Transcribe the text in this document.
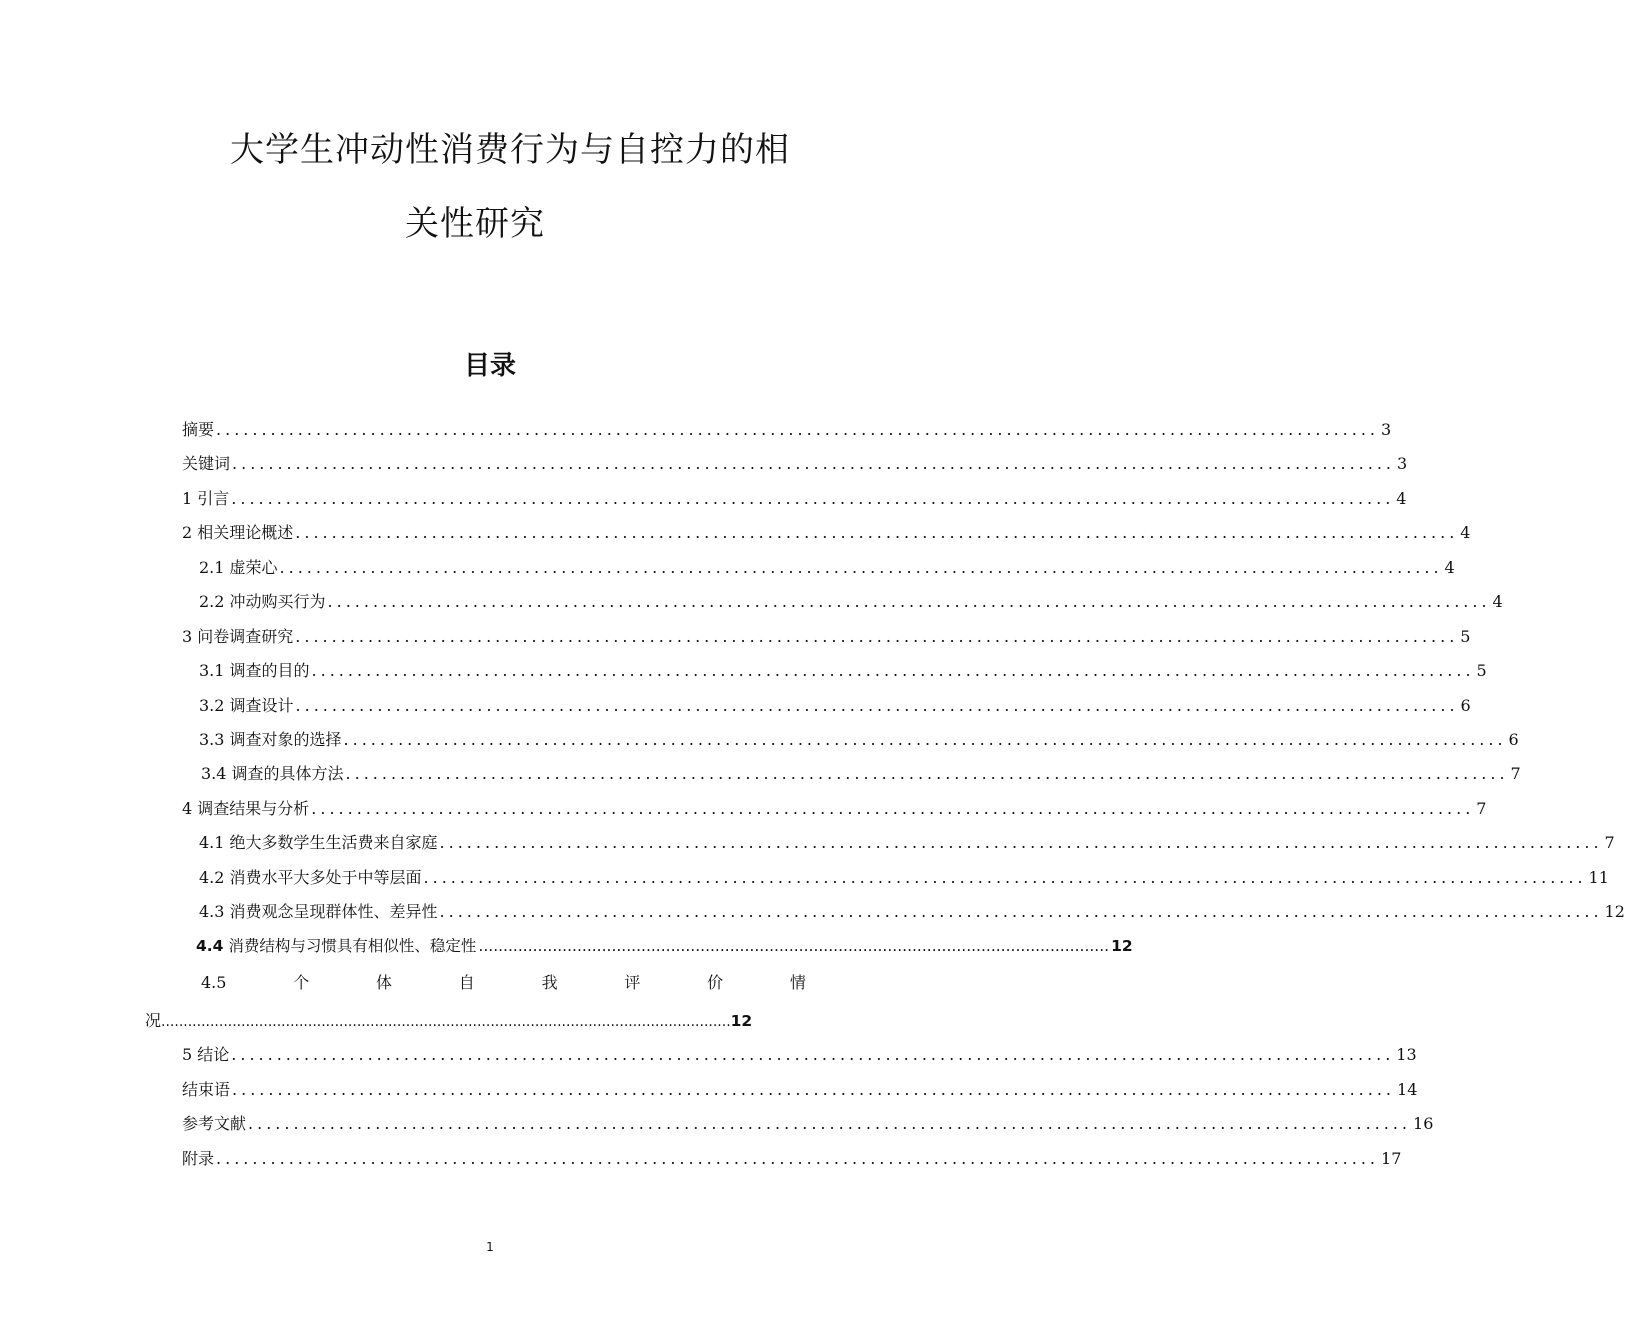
大学生冲动性消费行为与自控力的相
关性研究
目录
摘要 ................................................................................................................................ 3
关键词 ................................................................................................................................ 3
1 引言 ................................................................................................................................ 4
2 相关理论概述 ................................................................................................................................ 4
2.1 虚荣心 ................................................................................................................................ 4
2.2 冲动购买行为 ................................................................................................................................ 4
3 问卷调查研究 ................................................................................................................................ 5
3.1 调查的目的 ................................................................................................................................ 5
3.2 调查设计 ................................................................................................................................ 6
3.3 调查对象的选择 ................................................................................................................................ 6
3.4 调查的具体方法 ................................................................................................................................ 7
4 调查结果与分析 ................................................................................................................................ 7
4.1 绝大多数学生生活费来自家庭 ................................................................................................................................ 7
4.2 消费水平大多处于中等层面 ................................................................................................................................ 11
4.3 消费观念呈现群体性、差异性 ................................................................................................................................ 12
4.4 消费结构与习惯具有相似性、稳定性 ................................................................................................................................ 12
4.5	个	体	自	我	评	价	情
况 ................................................................................................................................ 12
5 结论 ................................................................................................................................ 13
结束语 ................................................................................................................................ 14
参考文献 ................................................................................................................................ 16
附录 ................................................................................................................................ 17
1
